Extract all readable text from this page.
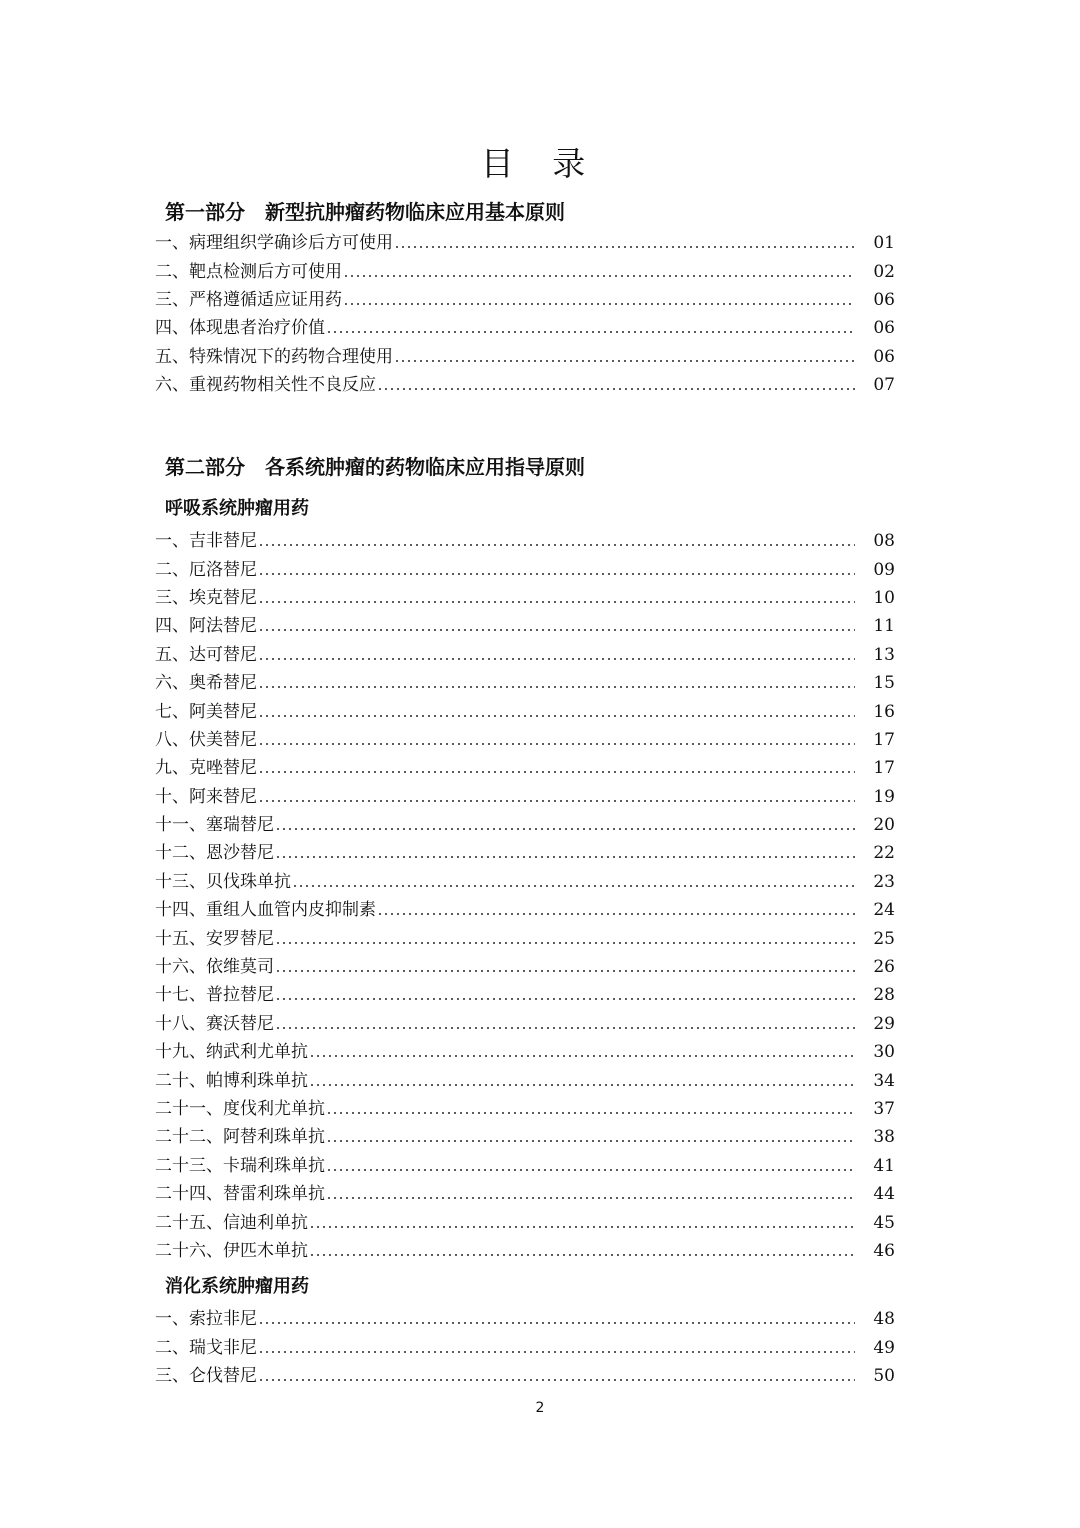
目 录
第一部分　新型抗肿瘤药物临床应用基本原则
一、病理组织学确诊后方可使用	01
二、靶点检测后方可使用	02
三、严格遵循适应证用药	06
四、体现患者治疗价值	06
五、特殊情况下的药物合理使用	06
六、重视药物相关性不良反应	07
第二部分　各系统肿瘤的药物临床应用指导原则
呼吸系统肿瘤用药
一、吉非替尼	08
二、厄洛替尼	09
三、埃克替尼	10
四、阿法替尼	11
五、达可替尼	13
六、奥希替尼	15
七、阿美替尼	16
八、伏美替尼	17
九、克唑替尼	17
十、阿来替尼	19
十一、塞瑞替尼	20
十二、恩沙替尼	22
十三、贝伐珠单抗	23
十四、重组人血管内皮抑制素	24
十五、安罗替尼	25
十六、依维莫司	26
十七、普拉替尼	28
十八、赛沃替尼	29
十九、纳武利尤单抗	30
二十、帕博利珠单抗	34
二十一、度伐利尤单抗	37
二十二、阿替利珠单抗	38
二十三、卡瑞利珠单抗	41
二十四、替雷利珠单抗	44
二十五、信迪利单抗	45
二十六、伊匹木单抗	46
消化系统肿瘤用药
一、索拉非尼	48
二、瑞戈非尼	49
三、仑伐替尼	50
2
